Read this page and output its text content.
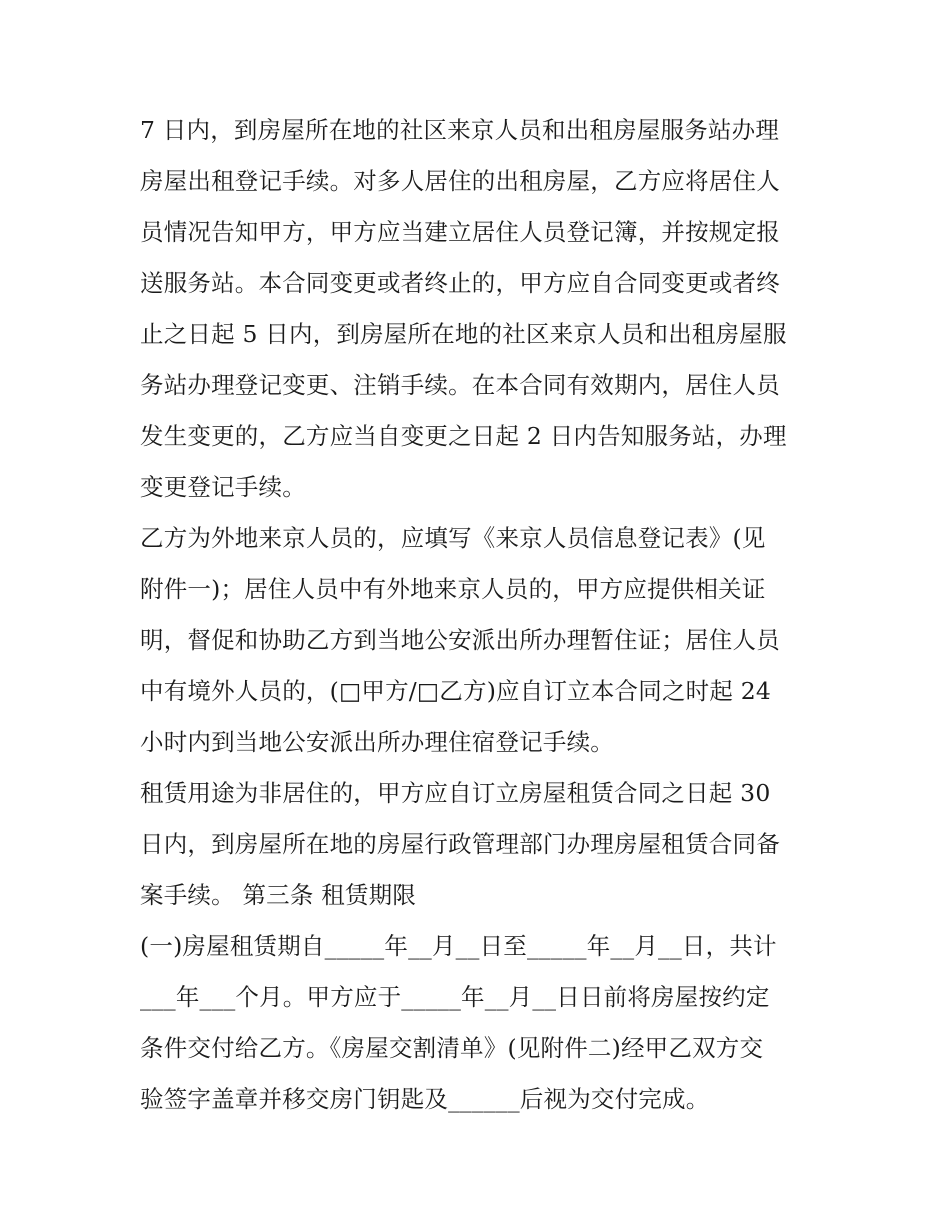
7 日内，到房屋所在地的社区来京人员和出租房屋服务站办理
房屋出租登记手续。对多人居住的出租房屋，乙方应将居住人
员情况告知甲方，甲方应当建立居住人员登记簿，并按规定报
送服务站。本合同变更或者终止的，甲方应自合同变更或者终
止之日起 5 日内，到房屋所在地的社区来京人员和出租房屋服
务站办理登记变更、注销手续。在本合同有效期内，居住人员
发生变更的，乙方应当自变更之日起 2 日内告知服务站，办理
变更登记手续。
乙方为外地来京人员的，应填写《来京人员信息登记表》(见
附件一)；居住人员中有外地来京人员的，甲方应提供相关证
明，督促和协助乙方到当地公安派出所办理暂住证；居住人员
中有境外人员的，(□甲方/□乙方)应自订立本合同之时起 24
小时内到当地公安派出所办理住宿登记手续。
租赁用途为非居住的，甲方应自订立房屋租赁合同之日起 30
日内，到房屋所在地的房屋行政管理部门办理房屋租赁合同备
案手续。 第三条 租赁期限
(一)房屋租赁期自_____年__月__日至_____年__月__日，共计
___年___个月。甲方应于_____年__月__日日前将房屋按约定
条件交付给乙方。《房屋交割清单》(见附件二)经甲乙双方交
验签字盖章并移交房门钥匙及______后视为交付完成。
